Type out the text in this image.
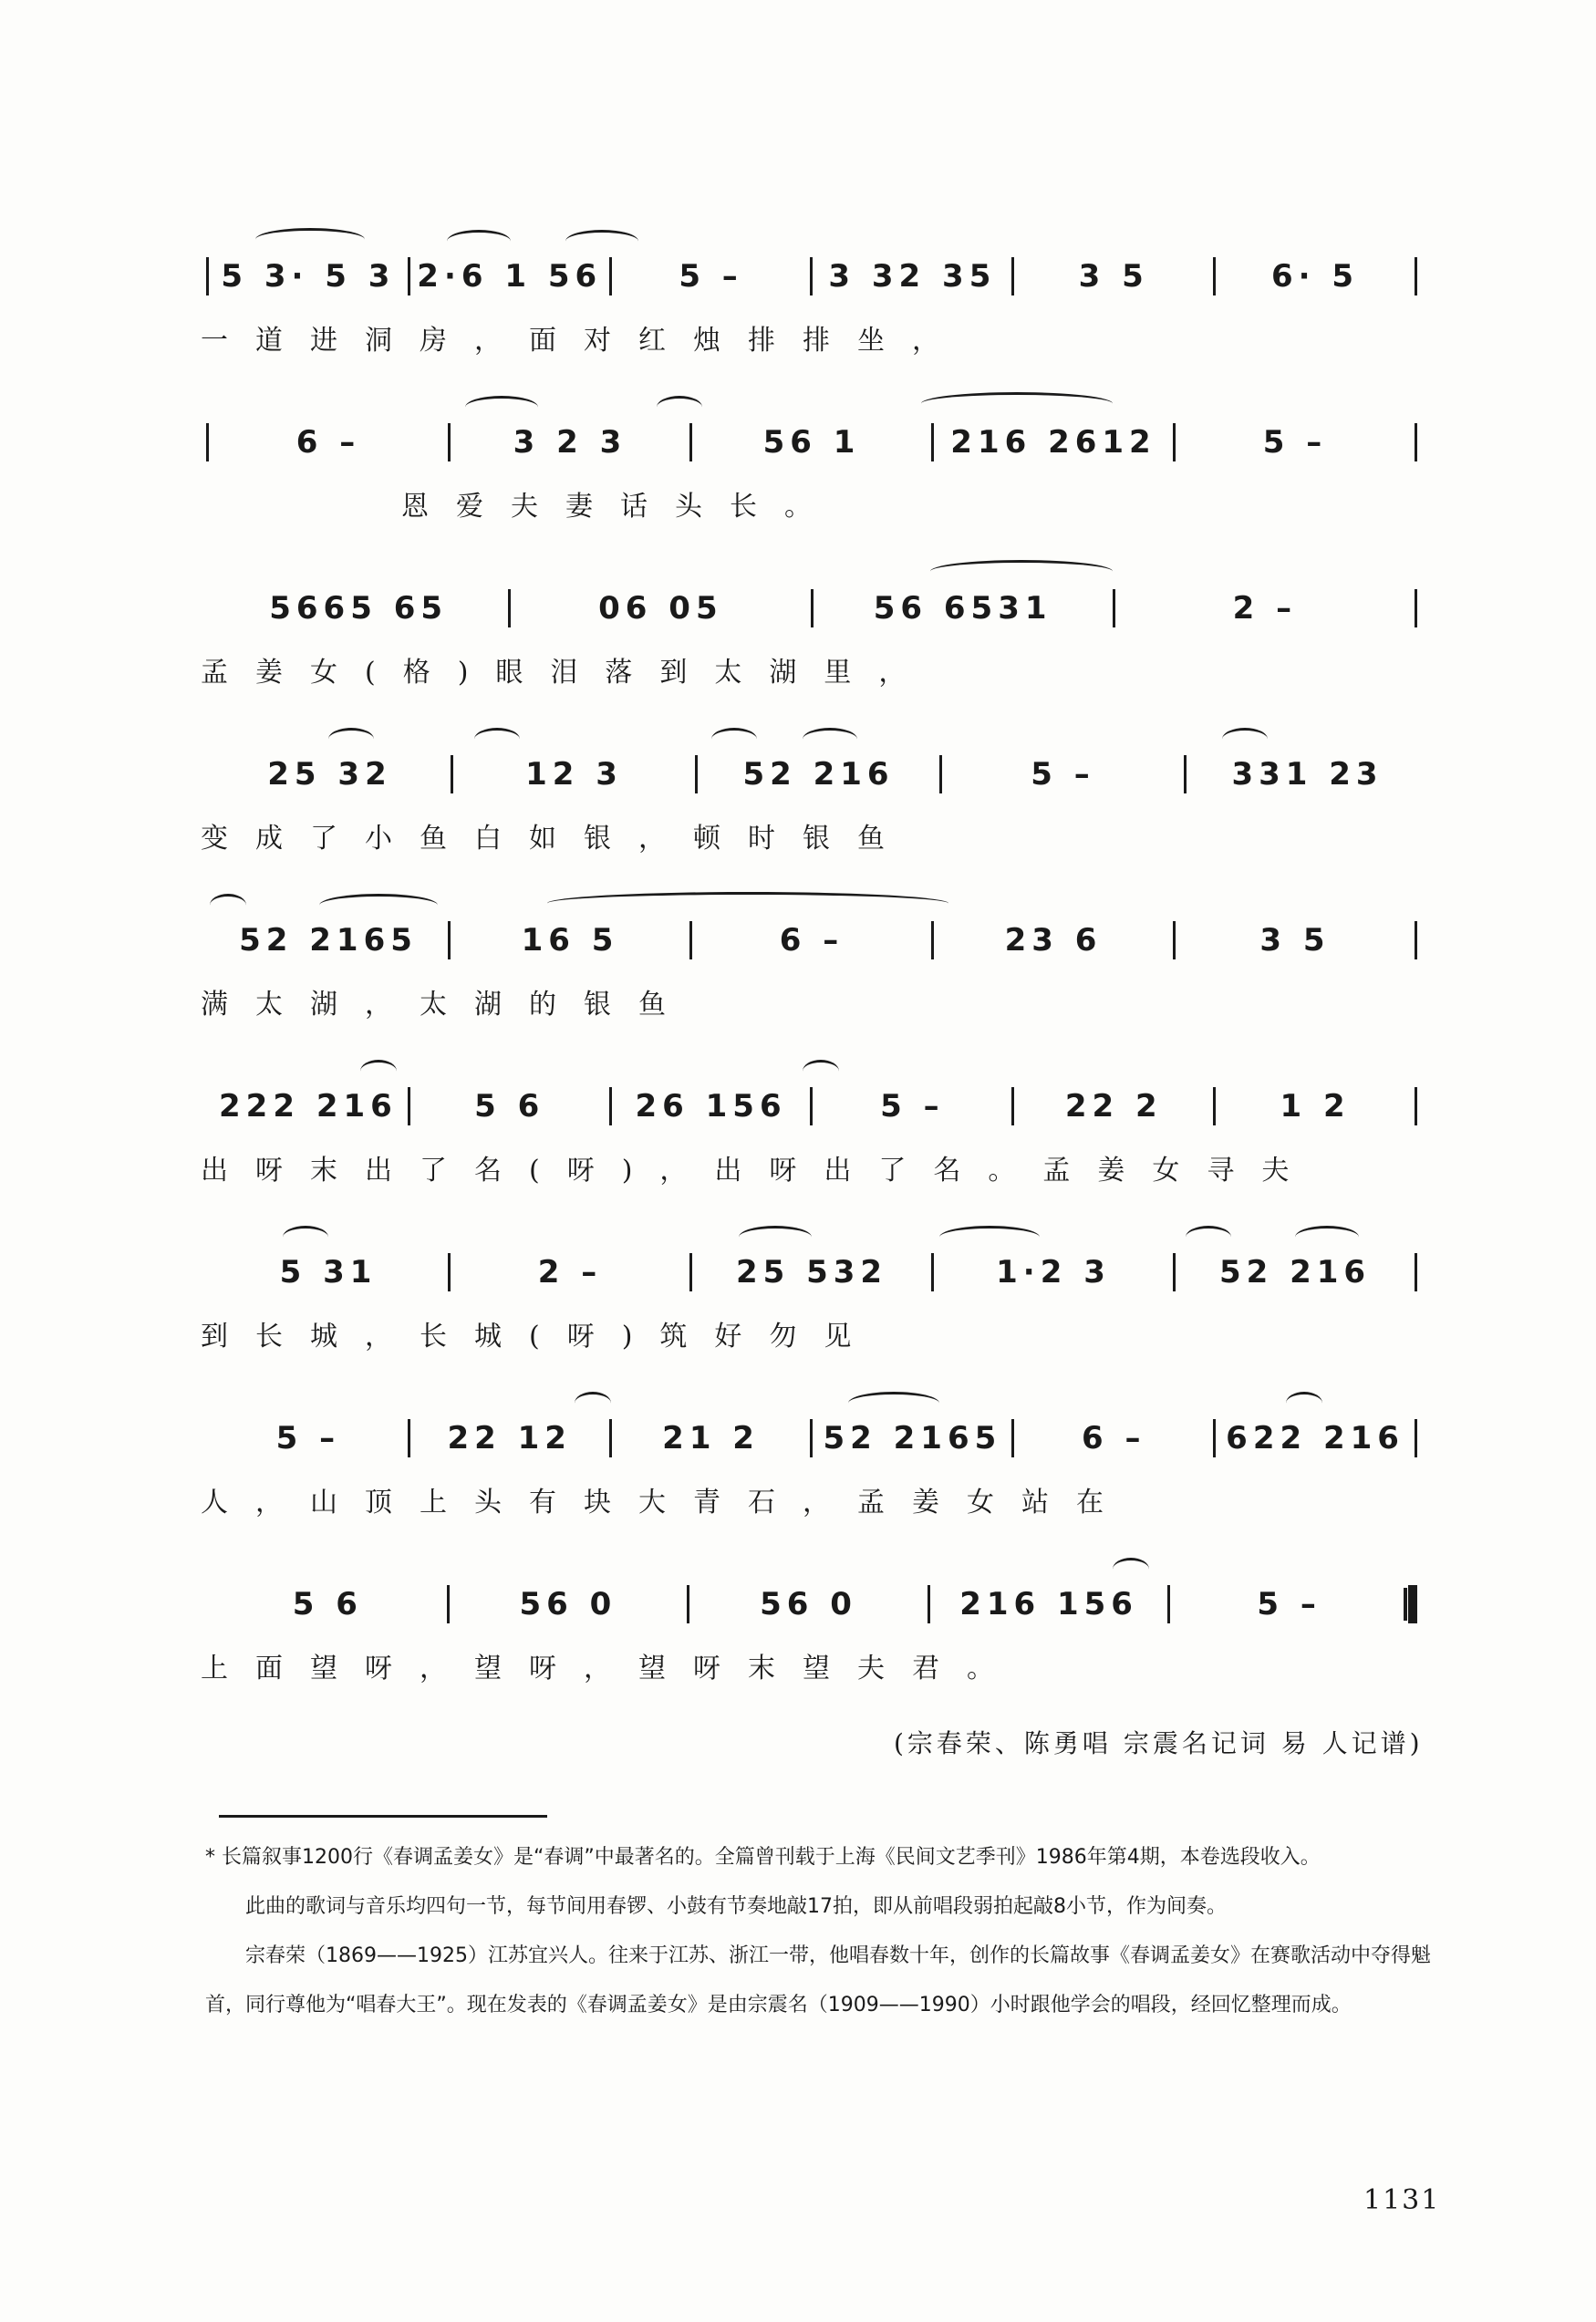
5 3· 5 3 2·6 1 56	5 –	3 32 35	3 5	6· 5
一道进洞房，面对红烛排排坐，
6 –	3 2 3	56 1	216 2612	5 –
恩爱夫妻话头长。
5665 65	06 05	56 6531	2 –
孟姜女(格)眼泪落到太湖里，
25 32	12 3	52 216	5 –	331 23
变成了小鱼白如银，顿时银鱼
52 2165	16 5	6 –	23 6	3 5
满太湖，太湖的银鱼
222 216	5 6	26 156	5 –	22 2	1 2
出呀末出了名(呀)，出呀出了名。孟姜女寻夫
5 31	2 –	25 532	1·2 3	52 216
到长城，长城(呀)筑好勿见
5 –	22 12	21 2	52 2165	6 –	622 216
人，山顶上头有块大青石，孟姜女站在
5 6	56 0	56 0	216 156	5 –
上面望呀，望呀，望呀末望夫君。
(宗春荣、陈勇唱 宗震名记词 易 人记谱)

* 长篇叙事1200行《春调孟姜女》是“春调”中最著名的。全篇曾刊载于上海《民间文艺季刊》1986年第4期，本卷选段收入。

此曲的歌词与音乐均四句一节，每节间用春锣、小鼓有节奏地敲17拍，即从前唱段弱拍起敲8小节，作为间奏。

宗春荣（1869——1925）江苏宜兴人。往来于江苏、浙江一带，他唱春数十年，创作的长篇故事《春调孟姜女》在赛歌活动中夺得魁首，同行尊他为“唱春大王”。现在发表的《春调孟姜女》是由宗震名（1909——1990）小时跟他学会的唱段，经回忆整理而成。

1131
